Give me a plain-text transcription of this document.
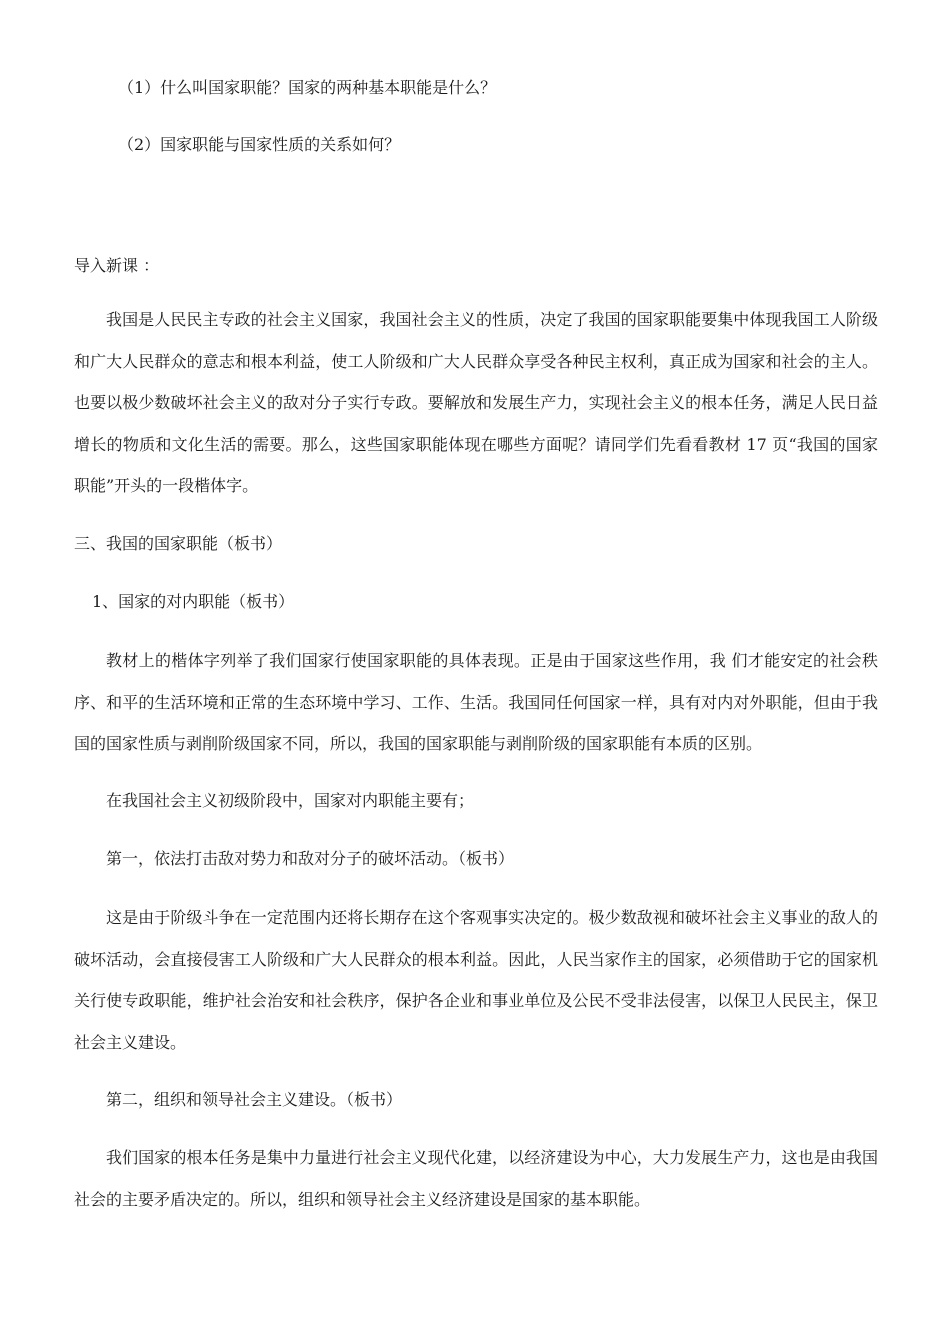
（1）什么叫国家职能？国家的两种基本职能是什么？
（2）国家职能与国家性质的关系如何？
导入新课 ：
我国是人民民主专政的社会主义国家，我国社会主义的性质，决定了我国的国家职能要集中体现我国工人阶级和广大人民群众的意志和根本利益，使工人阶级和广大人民群众享受各种民主权利，真正成为国家和社会的主人。也要以极少数破坏社会主义的敌对分子实行专政。要解放和发展生产力，实现社会主义的根本任务，满足人民日益增长的物质和文化生活的需要。那么，这些国家职能体现在哪些方面呢？请同学们先看看教材 17 页“我国的国家职能”开头的一段楷体字。
三、我国的国家职能（板书）
1、国家的对内职能（板书）
教材上的楷体字列举了我们国家行使国家职能的具体表现。正是由于国家这些作用，我 们才能安定的社会秩序、和平的生活环境和正常的生态环境中学习、工作、生活。我国同任何国家一样，具有对内对外职能，但由于我国的国家性质与剥削阶级国家不同，所以，我国的国家职能与剥削阶级的国家职能有本质的区别。
在我国社会主义初级阶段中，国家对内职能主要有；
第一，依法打击敌对势力和敌对分子的破坏活动。（板书）
这是由于阶级斗争在一定范围内还将长期存在这个客观事实决定的。极少数敌视和破坏社会主义事业的敌人的破坏活动，会直接侵害工人阶级和广大人民群众的根本利益。因此，人民当家作主的国家，必须借助于它的国家机关行使专政职能，维护社会治安和社会秩序，保护各企业和事业单位及公民不受非法侵害，以保卫人民民主，保卫社会主义建设。
第二，组织和领导社会主义建设。（板书）
我们国家的根本任务是集中力量进行社会主义现代化建，以经济建设为中心，大力发展生产力，这也是由我国社会的主要矛盾决定的。所以，组织和领导社会主义经济建设是国家的基本职能。
